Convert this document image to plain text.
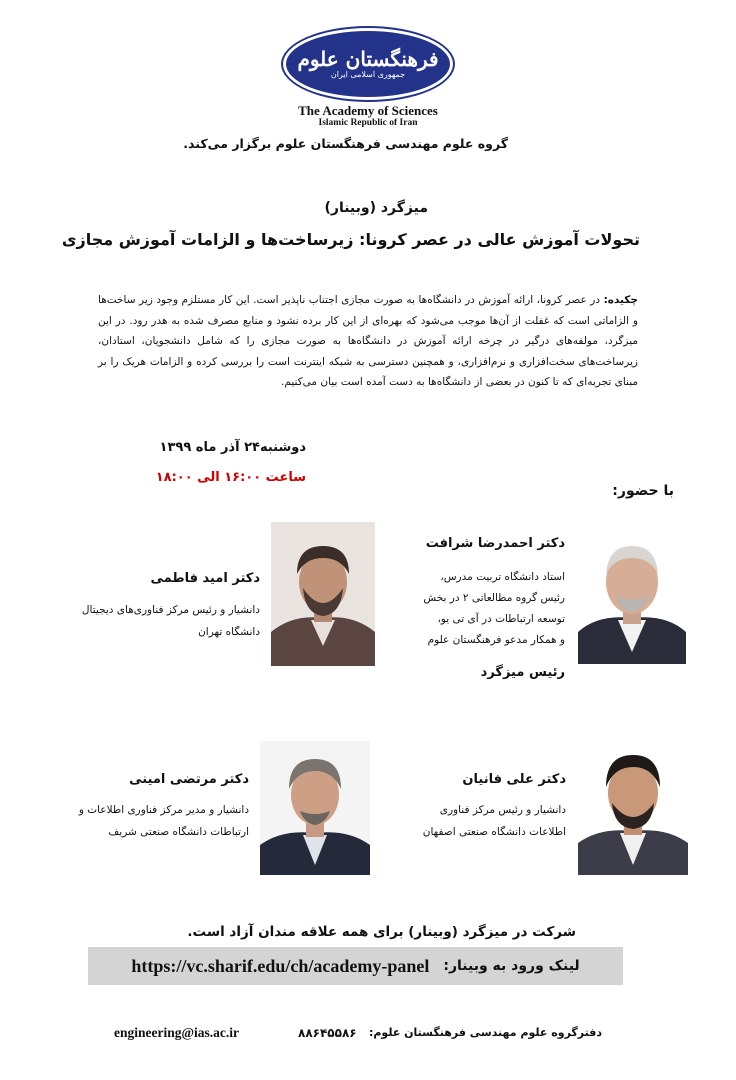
فرهنگستان علوم
جمهوری اسلامی ایران
The Academy of Sciences
Islamic Republic of Iran
گروه علوم مهندسی فرهنگستان علوم برگزار می‌کند.
میزگرد (وبینار)
تحولات آموزش عالی در عصر کرونا: زیرساخت‌ها و الزامات آموزش مجازی
چکیده: در عصر کرونا، ارائه آموزش در دانشگاه‌ها به صورت مجازی اجتناب ناپذیر است. این کار مستلزم وجود زیر ساخت‌ها و الزاماتی است که غفلت از آن‌ها موجب می‌شود که بهره‌ای از این کار برده نشود و منابع مصرف شده به هدر رود. در این میزگرد، مولفه‌های درگیر در چرخه ارائه آموزش در دانشگاه‌ها به صورت مجازی را که شامل دانشجویان، استادان، زیرساخت‌های سخت‌افزاری و نرم‌افزاری، و همچنین دسترسی به شبکه اینترنت است را بررسی کرده و الزامات هریک را بر مبنای تجربه‌ای که تا کنون در بعضی از دانشگاه‌ها به دست آمده است بیان می‌کنیم.
دوشنبه۲۴ آذر ماه ۱۳۹۹
ساعت ۱۶:۰۰ الی ۱۸:۰۰
با حضور:
دکتر احمدرضا شرافت
استاد دانشگاه تربیت مدرس،
رئیس گروه مطالعاتی ۲ در بخش
توسعه ارتباطات در آی تی یو،
و همکار مدعو فرهنگستان علوم
رئیس میزگرد
دکتر امید فاطمی
دانشیار و رئیس مرکز فناوری‌های دیجیتال
دانشگاه تهران
دکتر علی فانیان
دانشیار و رئیس مرکز فناوری
اطلاعات دانشگاه صنعتی اصفهان
دکتر مرتضی امینی
دانشیار و مدیر مرکز فناوری اطلاعات و
ارتباطات دانشگاه صنعتی شریف
شرکت در میزگرد (وبینار) برای همه علاقه مندان آزاد است.
لینک ورود به وبینار:
https://vc.sharif.edu/ch/academy-panel
دفترگروه علوم مهندسی فرهنگستان علوم:
۸۸۶۴۵۵۸۶
engineering@ias.ac.ir
